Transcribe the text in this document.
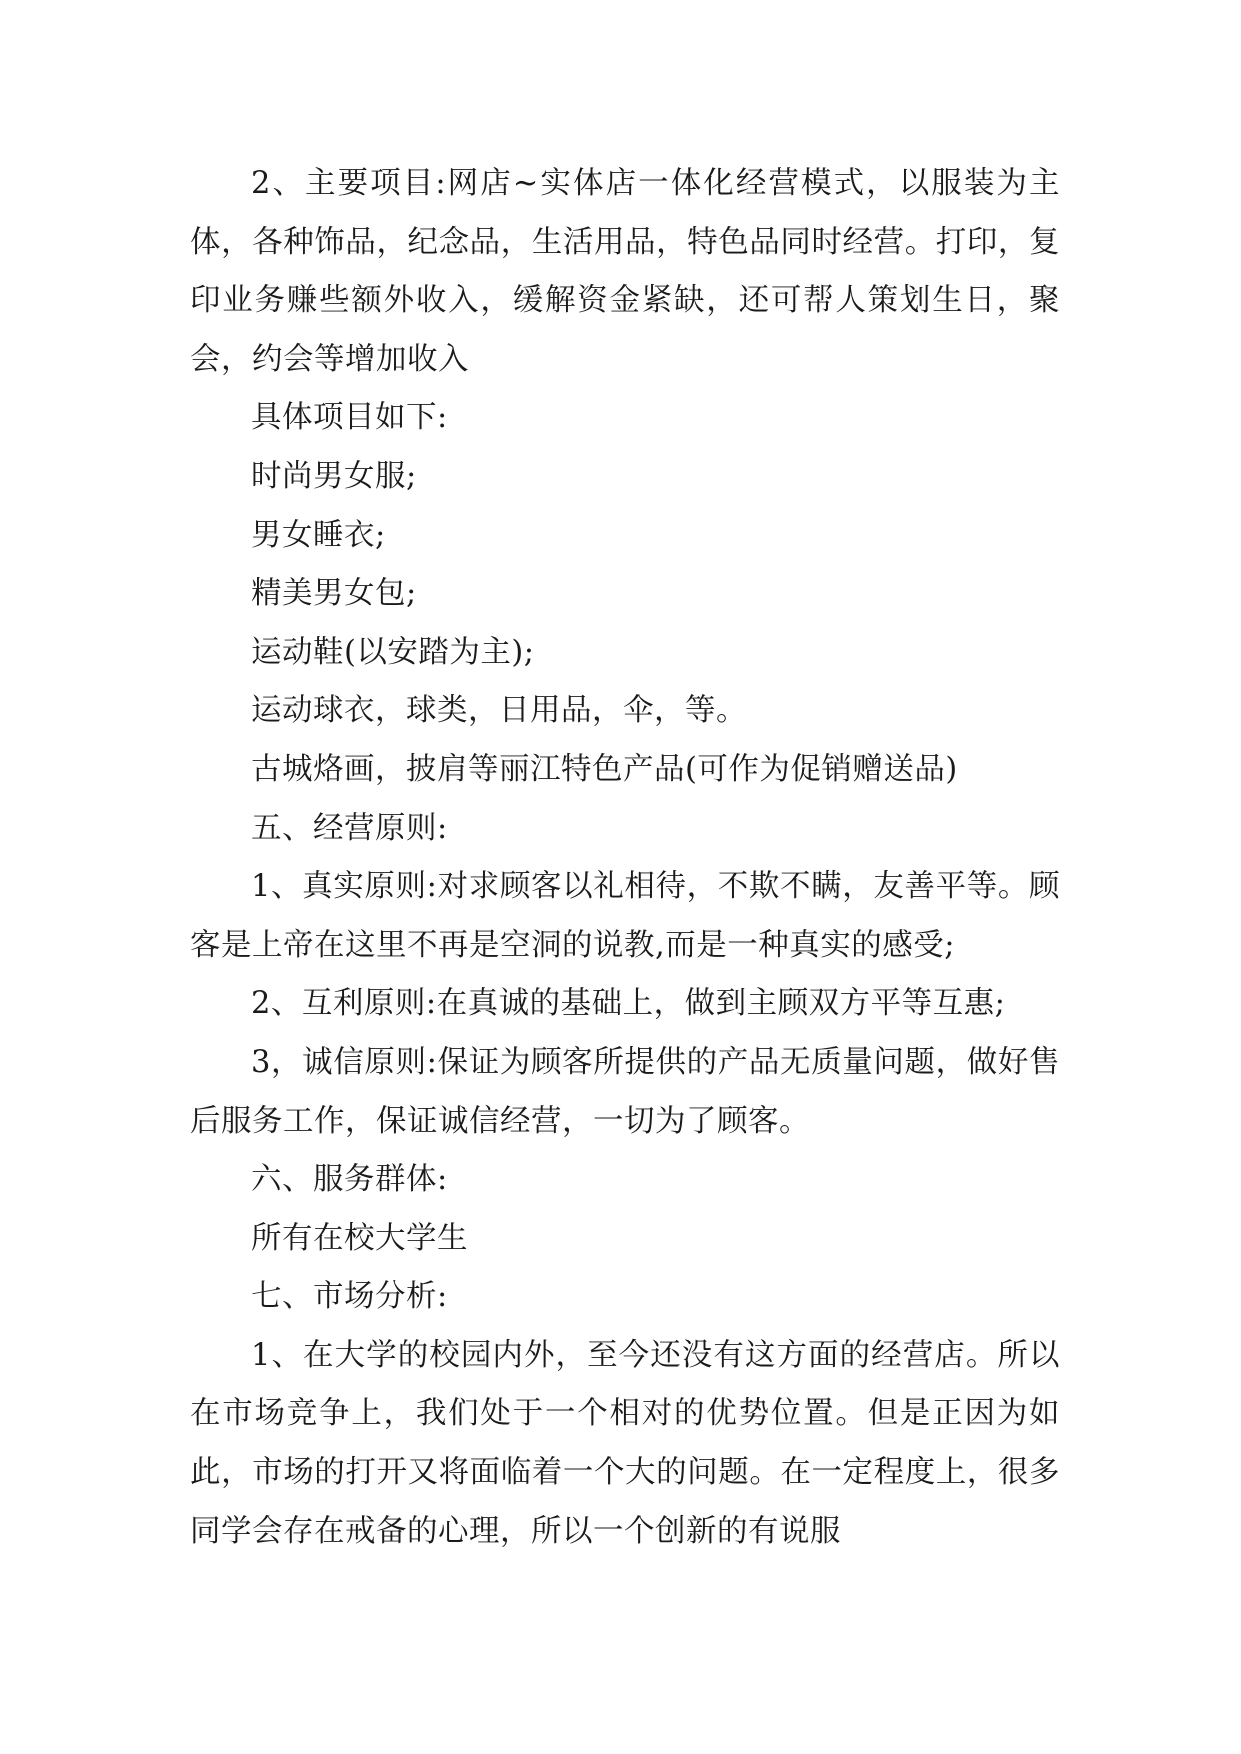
2、主要项目:网店~实体店一体化经营模式，以服装为主体，各种饰品，纪念品，生活用品，特色品同时经营。打印，复印业务赚些额外收入，缓解资金紧缺，还可帮人策划生日，聚会，约会等增加收入

具体项目如下:

时尚男女服;

男女睡衣;

精美男女包;

运动鞋(以安踏为主);

运动球衣，球类，日用品，伞，等。

古城烙画，披肩等丽江特色产品(可作为促销赠送品)

五、经营原则:

1、真实原则:对求顾客以礼相待，不欺不瞒，友善平等。顾客是上帝在这里不再是空洞的说教,而是一种真实的感受;

2、互利原则:在真诚的基础上，做到主顾双方平等互惠;

3，诚信原则:保证为顾客所提供的产品无质量问题，做好售后服务工作，保证诚信经营，一切为了顾客。

六、服务群体:

所有在校大学生

七、市场分析:

1、在大学的校园内外，至今还没有这方面的经营店。所以在市场竞争上，我们处于一个相对的优势位置。但是正因为如此，市场的打开又将面临着一个大的问题。在一定程度上，很多同学会存在戒备的心理，所以一个创新的有说服
